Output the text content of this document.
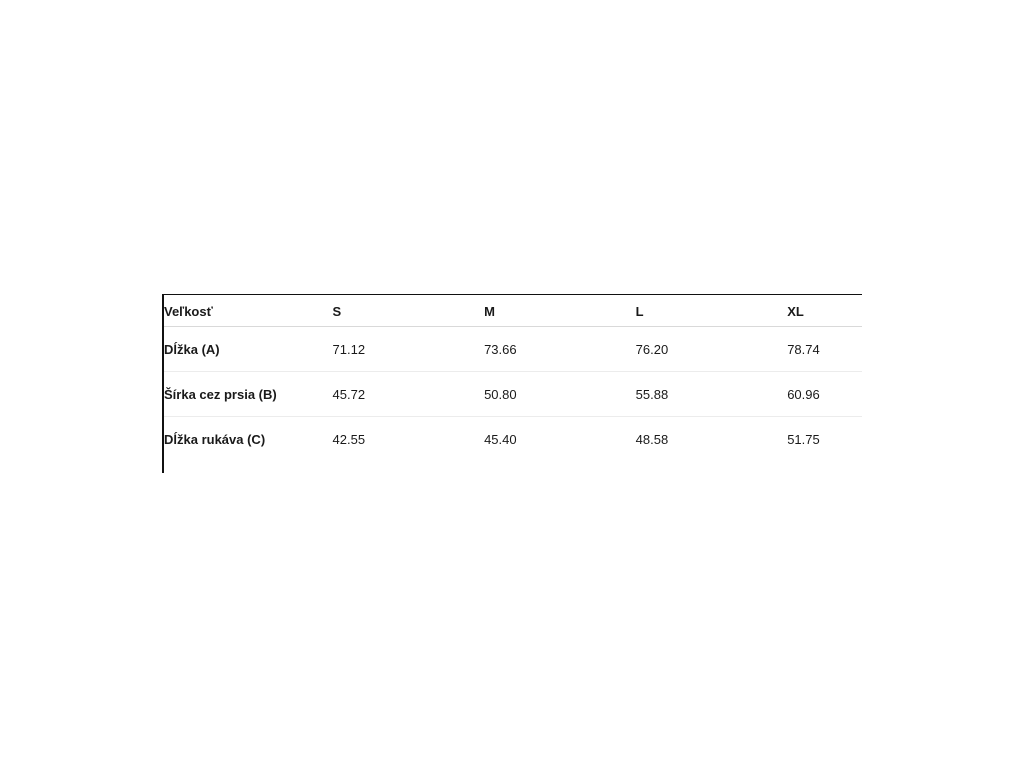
Veľkosť	S	M	L	XL
Dĺžka (A)	71.12	73.66	76.20	78.74
Šírka cez prsia (B)	45.72	50.80	55.88	60.96
Dĺžka rukáva (C)	42.55	45.40	48.58	51.75
